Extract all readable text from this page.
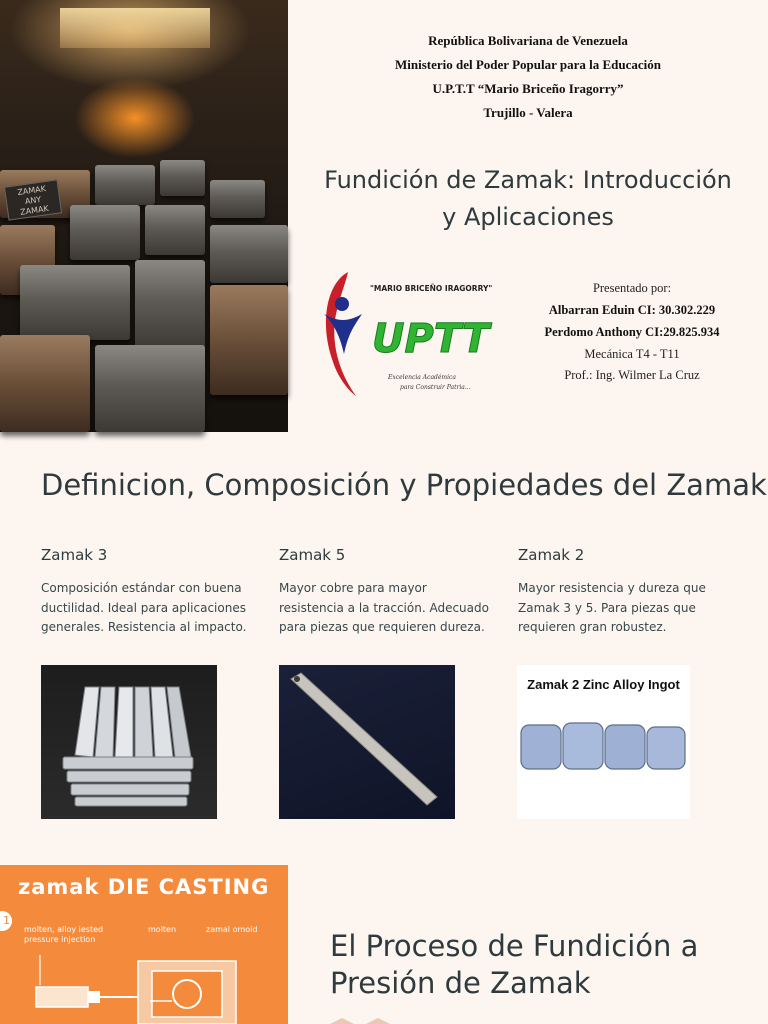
ZAMAK
ANY
ZAMAK
República Bolivariana de Venezuela
Ministerio del Poder Popular para la Educación
U.P.T.T “Mario Briceño Iragorry”
Trujillo - Valera
Fundición de Zamak: Introducción y Aplicaciones
"MARIO BRICEÑO IRAGORRY"
UPTT
Excelencia Académica
para Construir Patria...
Presentado por:
Albarran Eduin CI: 30.302.229
Perdomo Anthony CI:29.825.934
Mecánica T4 - T11
Prof.: Ing. Wilmer La Cruz
Definicion, Composición y Propiedades del Zamak
Zamak 3
Composición estándar con buena ductilidad. Ideal para aplicaciones generales. Resistencia al impacto.
Zamak 5
Mayor cobre para mayor resistencia a la tracción. Adecuado para piezas que requieren dureza.
Zamak 2
Mayor resistencia y dureza que Zamak 3 y 5. Para piezas que requieren gran robustez.
Zamak 2 Zinc Alloy Ingot
zamak DIE CASTING
1
molten, alloy iested pressure injection
molten	zamal omoid	El Proceso de Fundición a Presión de Zamak
